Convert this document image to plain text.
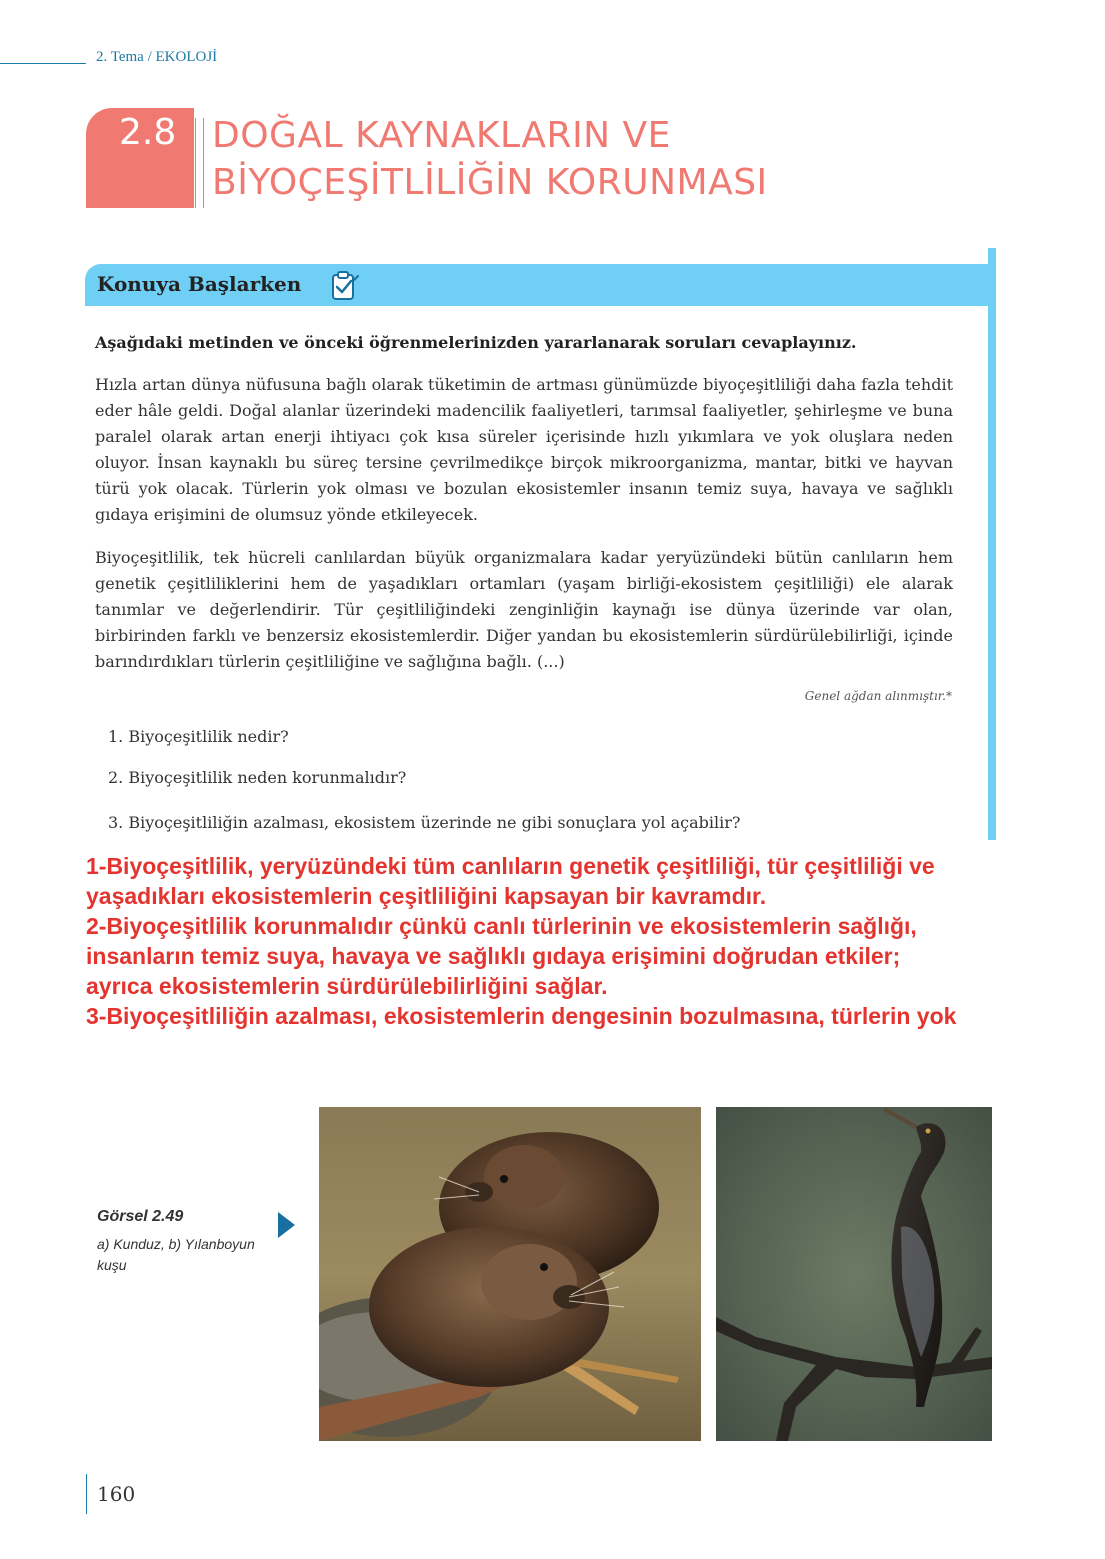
2. Tema / EKOLOJİ
2.8 DOĞAL KAYNAKLARIN VE
BİYOÇEŞİTLİLİĞİN KORUNMASI
Konuya Başlarken

Aşağıdaki metinden ve önceki öğrenmelerinizden yararlanarak soruları cevaplayınız.

Hızla artan dünya nüfusuna bağlı olarak tüketimin de artması günümüzde biyoçeşitliliği daha fazla tehdit eder hâle geldi. Doğal alanlar üzerindeki madencilik faaliyetleri, tarımsal faaliyetler, şehirleşme ve buna paralel olarak artan enerji ihtiyacı çok kısa süreler içerisinde hızlı yıkımlara ve yok oluşlara neden oluyor. İnsan kaynaklı bu süreç tersine çevrilmedikçe birçok mikroorganizma, mantar, bitki ve hayvan türü yok olacak. Türlerin yok olması ve bozulan ekosistemler insanın temiz suya, havaya ve sağlıklı gıdaya erişimini de olumsuz yönde etkileyecek.

Biyoçeşitlilik, tek hücreli canlılardan büyük organizmalara kadar yeryüzündeki bütün canlıların hem genetik çeşitliliklerini hem de yaşadıkları ortamları (yaşam birliği-ekosistem çeşitliliği) ele alarak tanımlar ve değerlendirir. Tür çeşitliliğindeki zenginliğin kaynağı ise dünya üzerinde var olan, birbirinden farklı ve benzersiz ekosistemlerdir. Diğer yandan bu ekosistemlerin sürdürülebilirliği, içinde barındırdıkları türlerin çeşitliliğine ve sağlığına bağlı. (...)

Genel ağdan alınmıştır.*
1. Biyoçeşitlilik nedir?
2. Biyoçeşitlilik neden korunmalıdır?
3. Biyoçeşitliliğin azalması, ekosistem üzerinde ne gibi sonuçlara yol açabilir?

1-Biyoçeşitlilik, yeryüzündeki tüm canlıların genetik çeşitliliği, tür çeşitliliği ve

yaşadıkları ekosistemlerin çeşitliliğini kapsayan bir kavramdır.

2-Biyoçeşitlilik korunmalıdır çünkü canlı türlerinin ve ekosistemlerin sağlığı,

insanların temiz suya, havaya ve sağlıklı gıdaya erişimini doğrudan etkiler;

ayrıca ekosistemlerin sürdürülebilirliğini sağlar.

3-Biyoçeşitliliğin azalması, ekosistemlerin dengesinin bozulmasına, türlerin yok

Görsel 2.49
a) Kunduz, b) Yılanboyun kuşu
160
